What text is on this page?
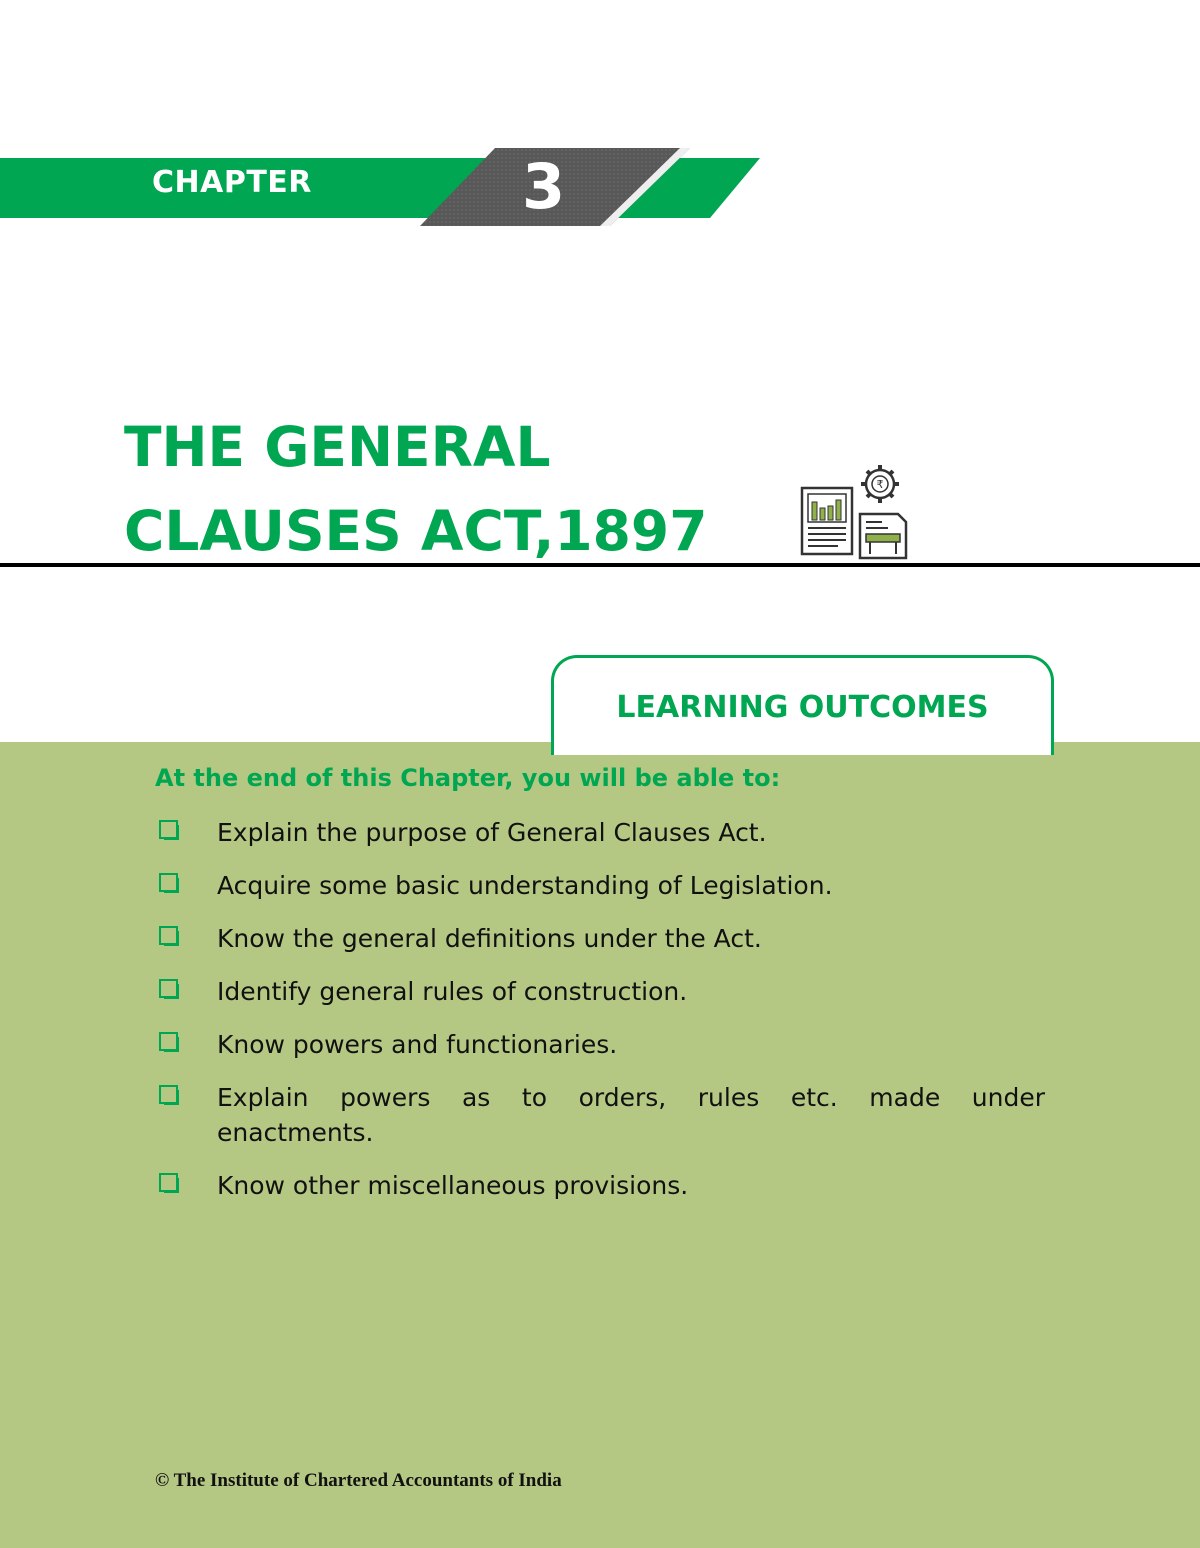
CHAPTER	3
THE GENERAL
CLAUSES ACT,1897
₹
LEARNING OUTCOMES
At the end of this Chapter, you will be able to:
Explain the purpose of General Clauses Act.
Acquire some basic understanding of Legislation.
Know the general definitions under the Act.
Identify general rules of construction.
Know powers and functionaries.
Explain powers as to orders, rules etc. made under
enactments.
Know other miscellaneous provisions.
© The Institute of Chartered Accountants of India
